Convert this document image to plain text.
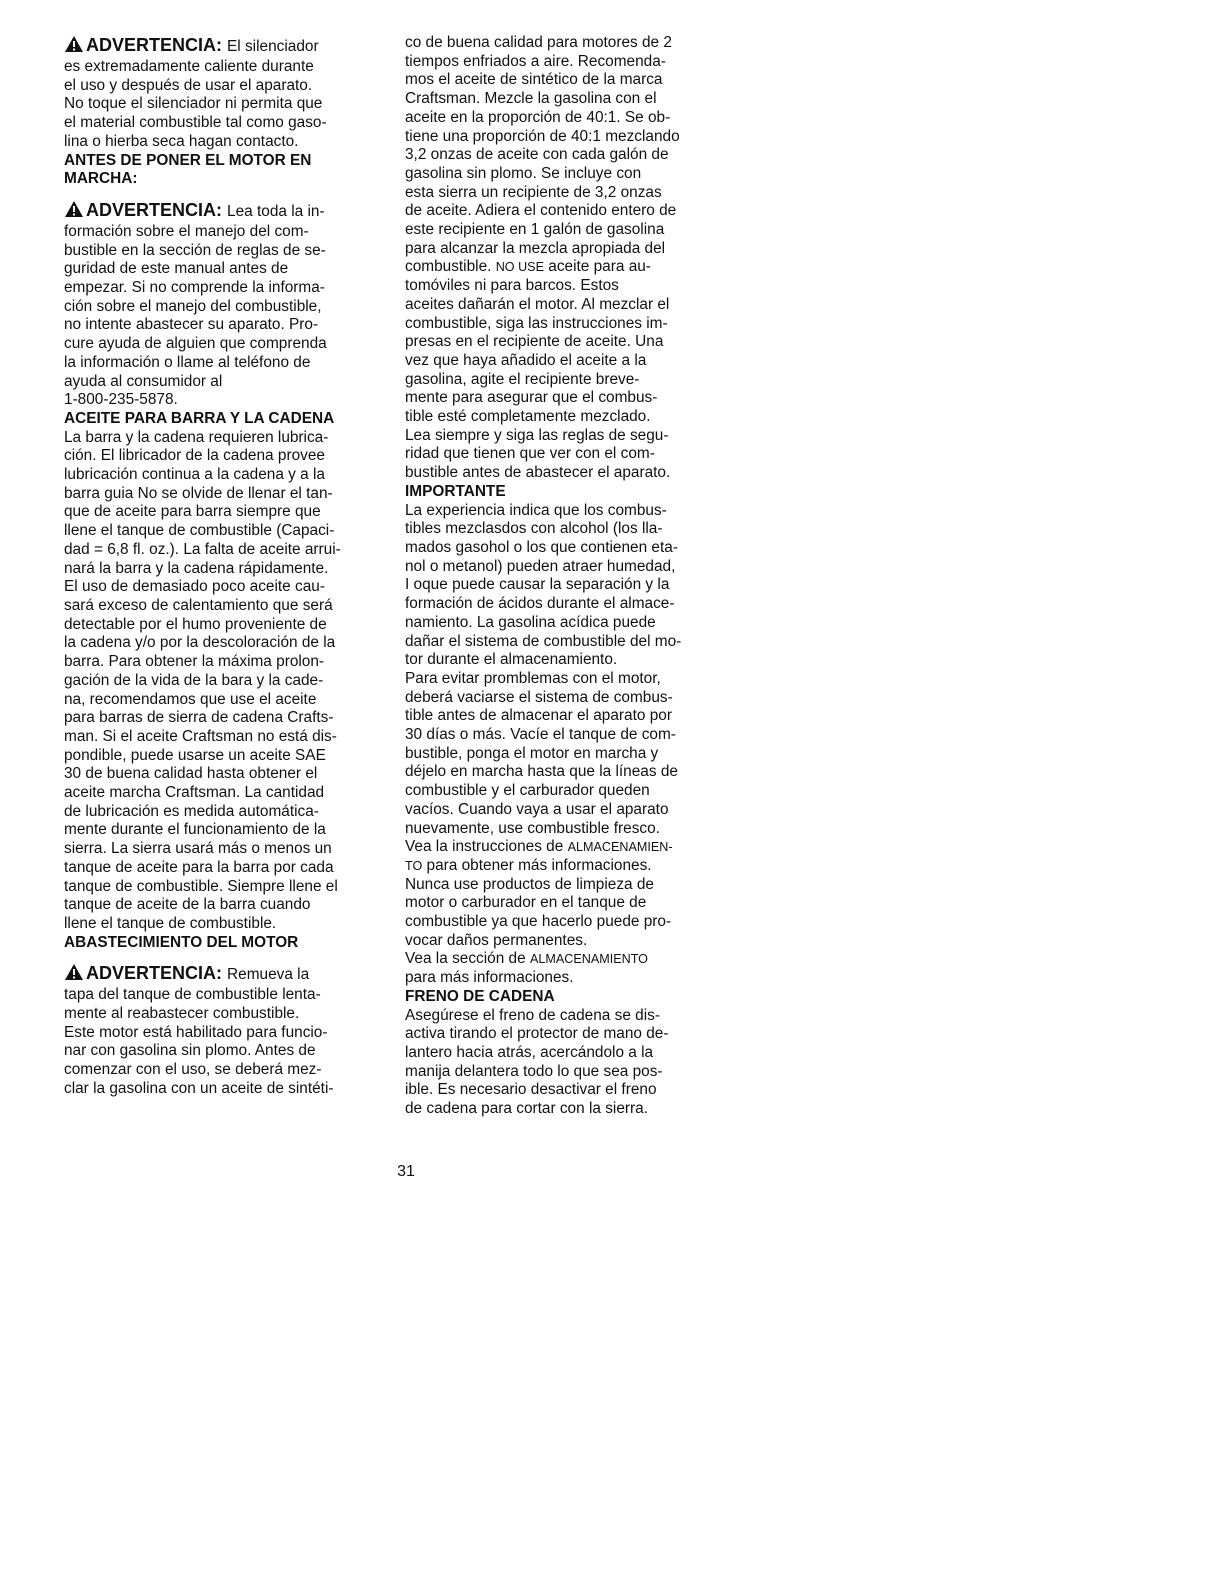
ADVERTENCIA: El silenciador
es extremadamente caliente durante
el uso y después de usar el aparato.
No toque el silenciador ni permita que
el material combustible tal como gaso-
lina o hierba seca hagan contacto.
ANTES DE PONER EL MOTOR EN
MARCHA:
ADVERTENCIA: Lea toda la in-
formación sobre el manejo del com-
bustible en la sección de reglas de se-
guridad de este manual antes de
empezar. Si no comprende la informa-
ción sobre el manejo del combustible,
no intente abastecer su aparato. Pro-
cure ayuda de alguien que comprenda
la información o llame al teléfono de
ayuda al consumidor al
1-800-235-5878.
ACEITE PARA BARRA Y LA CADENA
La barra y la cadena requieren lubrica-
ción. El libricador de la cadena provee
lubricación continua a la cadena y a la
barra guia No se olvide de llenar el tan-
que de aceite para barra siempre que
llene el tanque de combustible (Capaci-
dad = 6,8 fl. oz.). La falta de aceite arrui-
nará la barra y la cadena rápidamente.
El uso de demasiado poco aceite cau-
sará exceso de calentamiento que será
detectable por el humo proveniente de
la cadena y/o por la descoloración de la
barra. Para obtener la máxima prolon-
gación de la vida de la bara y la cade-
na, recomendamos que use el aceite
para barras de sierra de cadena Crafts-
man. Si el aceite Craftsman no está dis-
pondible, puede usarse un aceite SAE
30 de buena calidad hasta obtener el
aceite marcha Craftsman. La cantidad
de lubricación es medida automática-
mente durante el funcionamiento de la
sierra. La sierra usará más o menos un
tanque de aceite para la barra por cada
tanque de combustible. Siempre llene el
tanque de aceite de la barra cuando
llene el tanque de combustible.
ABASTECIMIENTO DEL MOTOR
ADVERTENCIA: Remueva la
tapa del tanque de combustible lenta-
mente al reabastecer combustible.
Este motor está habilitado para funcio-
nar con gasolina sin plomo. Antes de
comenzar con el uso, se deberá mez-
clar la gasolina con un aceite de sintéti-
co de buena calidad para motores de 2
tiempos enfriados a aire. Recomenda-
mos el aceite de sintético de la marca
Craftsman. Mezcle la gasolina con el
aceite en la proporción de 40:1. Se ob-
tiene una proporción de 40:1 mezclando
3,2 onzas de aceite con cada galón de
gasolina sin plomo. Se incluye con
esta sierra un recipiente de 3,2 onzas
de aceite. Adiera el contenido entero de
este recipiente en 1 galón de gasolina
para alcanzar la mezcla apropiada del
combustible. NO USE aceite para au-
tomóviles ni para barcos. Estos
aceites dañarán el motor. Al mezclar el
combustible, siga las instrucciones im-
presas en el recipiente de aceite. Una
vez que haya añadido el aceite a la
gasolina, agite el recipiente breve-
mente para asegurar que el combus-
tible esté completamente mezclado.
Lea siempre y siga las reglas de segu-
ridad que tienen que ver con el com-
bustible antes de abastecer el aparato.
IMPORTANTE
La experiencia indica que los combus-
tibles mezclasdos con alcohol (los lla-
mados gasohol o los que contienen eta-
nol o metanol) pueden atraer humedad,
I oque puede causar la separación y la
formación de ácidos durante el almace-
namiento. La gasolina acídica puede
dañar el sistema de combustible del mo-
tor durante el almacenamiento.
Para evitar promblemas con el motor,
deberá vaciarse el sistema de combus-
tible antes de almacenar el aparato por
30 días o más. Vacíe el tanque de com-
bustible, ponga el motor en marcha y
déjelo en marcha hasta que la líneas de
combustible y el carburador queden
vacíos. Cuando vaya a usar el aparato
nuevamente, use combustible fresco.
Vea la instrucciones de ALMACENAMIEN-
TO para obtener más informaciones.
Nunca use productos de limpieza de
motor o carburador en el tanque de
combustible ya que hacerlo puede pro-
vocar daños permanentes.
Vea la sección de ALMACENAMIENTO
para más informaciones.
FRENO DE CADENA
Asegúrese el freno de cadena se dis-
activa tirando el protector de mano de-
lantero hacia atrás, acercándolo a la
manija delantera todo lo que sea pos-
ible. Es necesario desactivar el freno
de cadena para cortar con la sierra.
31
